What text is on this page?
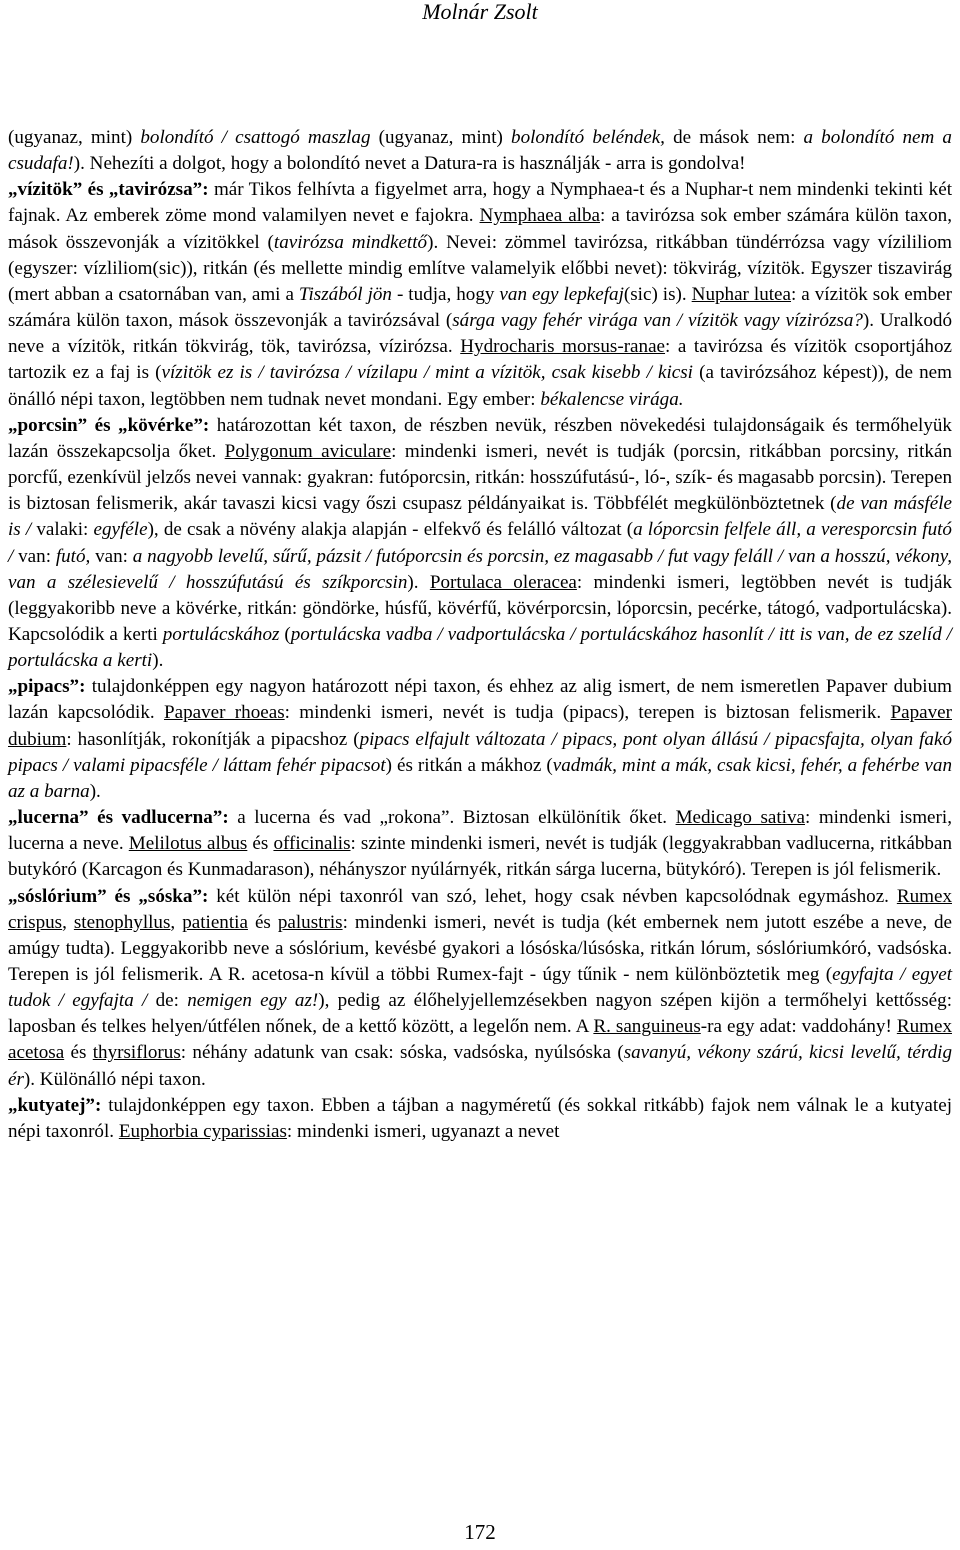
Molnár Zsolt

(ugyanaz, mint) bolondító / csattogó maszlag (ugyanaz, mint) bolondító beléndek, de mások nem: a bolondító nem a csudafa!). Nehezíti a dolgot, hogy a bolondító nevet a Datura-ra is használják - arra is gondolva!

„vízitök” és „tavirózsa”: már Tikos felhívta a figyelmet arra, hogy a Nymphaea-t és a Nuphar-t nem mindenki tekinti két fajnak. Az emberek zöme mond valamilyen nevet e fajokra. Nymphaea alba: a tavirózsa sok ember számára külön taxon, mások összevonják a vízitökkel (tavirózsa mindkettő). Nevei: zömmel tavirózsa, ritkábban tündérrózsa vagy vízililiom (egyszer: vízliliom(sic)), ritkán (és mellette mindig említve valamelyik előbbi nevet): tökvirág, vízitök. Egyszer tiszavirág (mert abban a csatornában van, ami a Tiszából jön - tudja, hogy van egy lepkefaj(sic) is). Nuphar lutea: a vízitök sok ember számára külön taxon, mások összevonják a tavirózsával (sárga vagy fehér virága van / vízitök vagy vízirózsa?). Uralkodó neve a vízitök, ritkán tökvirág, tök, tavirózsa, vízirózsa. Hydrocharis morsus-ranae: a tavirózsa és vízitök csoportjához tartozik ez a faj is (vízitök ez is / tavirózsa / vízilapu / mint a vízitök, csak kisebb / kicsi (a tavirózsához képest)), de nem önálló népi taxon, legtöbben nem tudnak nevet mondani. Egy ember: békalencse virága.

„porcsin” és „kövérke”: határozottan két taxon, de részben nevük, részben növekedési tulajdonságaik és termőhelyük lazán összekapcsolja őket. Polygonum aviculare: mindenki ismeri, nevét is tudják (porcsin, ritkábban porcsiny, ritkán porcfű, ezenkívül jelzős nevei vannak: gyakran: futóporcsin, ritkán: hosszúfutású-, ló-, szík- és magasabb porcsin). Terepen is biztosan felismerik, akár tavaszi kicsi vagy őszi csupasz példányaikat is. Többfélét megkülönböztetnek (de van másféle is / valaki: egyféle), de csak a növény alakja alapján - elfekvő és felálló változat (a lóporcsin felfele áll, a veresporcsin futó / van: futó, van: a nagyobb levelű, sűrű, pázsit / futóporcsin és porcsin, ez magasabb / fut vagy feláll / van a hosszú, vékony, van a szélesievelű / hosszúfutású és szíkporcsin). Portulaca oleracea: mindenki ismeri, legtöbben nevét is tudják (leggyakoribb neve a kövérke, ritkán: göndörke, húsfű, kövérfű, kövérporcsin, lóporcsin, pecérke, tátogó, vadportulácska). Kapcsolódik a kerti portulácskához (portulácska vadba / vadportulácska / portulácskához hasonlít / itt is van, de ez szelíd / portulácska a kerti).

„pipacs”: tulajdonképpen egy nagyon határozott népi taxon, és ehhez az alig ismert, de nem ismeretlen Papaver dubium lazán kapcsolódik. Papaver rhoeas: mindenki ismeri, nevét is tudja (pipacs), terepen is biztosan felismerik. Papaver dubium: hasonlítják, rokonítják a pipacshoz (pipacs elfajult változata / pipacs, pont olyan állású / pipacsfajta, olyan fakó pipacs / valami pipacsféle / láttam fehér pipacsot) és ritkán a mákhoz (vadmák, mint a mák, csak kicsi, fehér, a fehérbe van az a barna).

„lucerna” és vadlucerna”: a lucerna és vad „rokona”. Biztosan elkülönítik őket. Medicago sativa: mindenki ismeri, lucerna a neve. Melilotus albus és officinalis: szinte mindenki ismeri, nevét is tudják (leggyakrabban vadlucerna, ritkábban butykóró (Karcagon és Kunmadarason), néhányszor nyúlárnyék, ritkán sárga lucerna, bütykóró). Terepen is jól felismerik.

„sóslórium” és „sóska”: két külön népi taxonról van szó, lehet, hogy csak névben kapcsolódnak egymáshoz. Rumex crispus, stenophyllus, patientia és palustris: mindenki ismeri, nevét is tudja (két embernek nem jutott eszébe a neve, de amúgy tudta). Leggyakoribb neve a sóslórium, kevésbé gyakori a lósóska/lúsóska, ritkán lórum, sóslóriumkóró, vadsóska. Terepen is jól felismerik. A R. acetosa-n kívül a többi Rumex-fajt - úgy tűnik - nem különböztetik meg (egyfajta / egyet tudok / egyfajta / de: nemigen egy az!), pedig az élőhelyjellemzésekben nagyon szépen kijön a termőhelyi kettősség: laposban és telkes helyen/útfélen nőnek, de a kettő között, a legelőn nem. A R. sanguineus-ra egy adat: vaddohány! Rumex acetosa és thyrsiflorus: néhány adatunk van csak: sóska, vadsóska, nyúlsóska (savanyú, vékony szárú, kicsi levelű, térdig ér). Különálló népi taxon.

„kutyatej”: tulajdonképpen egy taxon. Ebben a tájban a nagyméretű (és sokkal ritkább) fajok nem válnak le a kutyatej népi taxonról. Euphorbia cyparissias: mindenki ismeri, ugyanazt a nevet

172
